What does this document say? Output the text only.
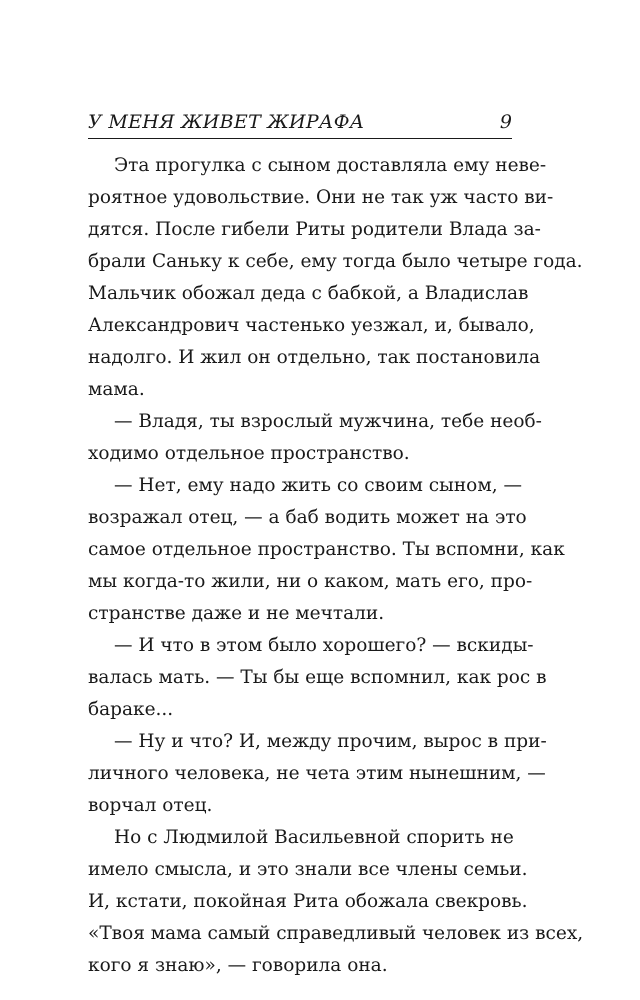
У МЕНЯ ЖИВЕТ ЖИРАФА	9
Эта прогулка с сыном доставляла ему неве-
роятное удовольствие. Они не так уж часто ви-
дятся. После гибели Риты родители Влада за-
брали Саньку к себе, ему тогда было четыре года.
Мальчик обожал деда с бабкой, а Владислав
Александрович частенько уезжал, и, бывало,
надолго. И жил он отдельно, так постановила
мама.
— Владя, ты взрослый мужчина, тебе необ-
ходимо отдельное пространство.
— Нет, ему надо жить со своим сыном, —
возражал отец, — а баб водить может на это
самое отдельное пространство. Ты вспомни, как
мы когда-то жили, ни о каком, мать его, про-
странстве даже и не мечтали.
— И что в этом было хорошего? — вскиды-
валась мать. — Ты бы еще вспомнил, как рос в
бараке...
— Ну и что? И, между прочим, вырос в при-
личного человека, не чета этим нынешним, —
ворчал отец.
Но с Людмилой Васильевной спорить не
имело смысла, и это знали все члены семьи.
И, кстати, покойная Рита обожала свекровь.
«Твоя мама самый справедливый человек из всех,
кого я знаю», — говорила она.
